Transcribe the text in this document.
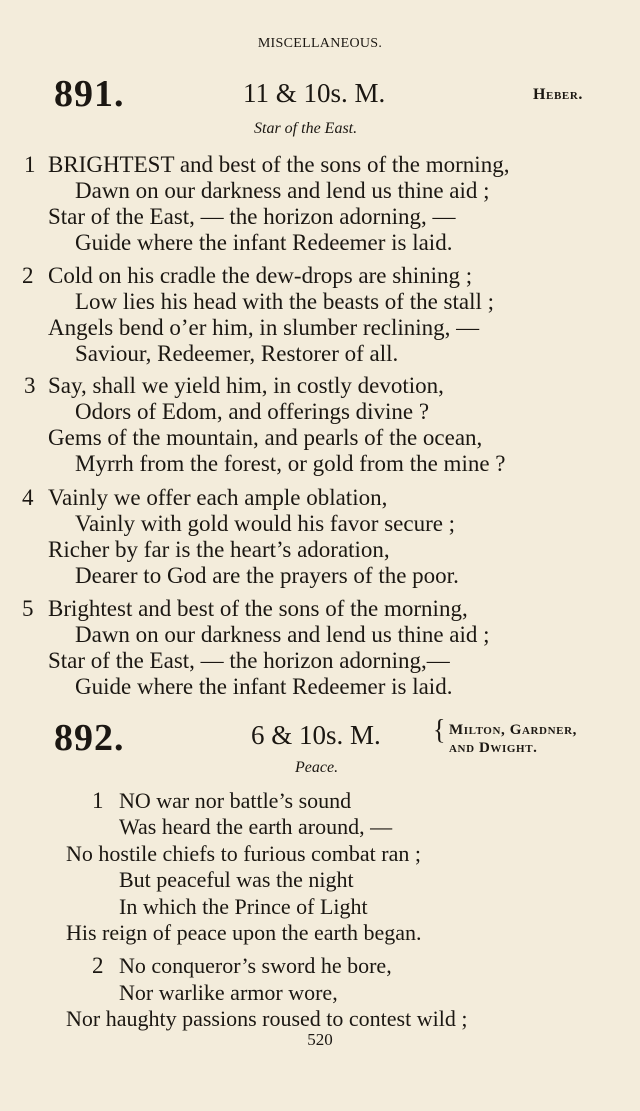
MISCELLANEOUS.
891.	11 & 10s. M.	Heber.
Star of the East.
1 BRIGHTEST and best of the sons of the morning,
Dawn on our darkness and lend us thine aid ;
Star of the East, — the horizon adorning, —
Guide where the infant Redeemer is laid.
2 Cold on his cradle the dew-drops are shining ;
Low lies his head with the beasts of the stall ;
Angels bend o’er him, in slumber reclining, —
Saviour, Redeemer, Restorer of all.
3 Say, shall we yield him, in costly devotion,
Odors of Edom, and offerings divine ?
Gems of the mountain, and pearls of the ocean,
Myrrh from the forest, or gold from the mine ?
4 Vainly we offer each ample oblation,
Vainly with gold would his favor secure ;
Richer by far is the heart’s adoration,
Dearer to God are the prayers of the poor.
5 Brightest and best of the sons of the morning,
Dawn on our darkness and lend us thine aid ;
Star of the East, — the horizon adorning,—
Guide where the infant Redeemer is laid.
892.	6 & 10s. M. { Milton, Gardner,
and Dwight.
Peace.
1 NO war nor battle’s sound
Was heard the earth around, —
No hostile chiefs to furious combat ran ;
But peaceful was the night
In which the Prince of Light
His reign of peace upon the earth began.
2 No conqueror’s sword he bore,
Nor warlike armor wore,
Nor haughty passions roused to contest wild ;
520
